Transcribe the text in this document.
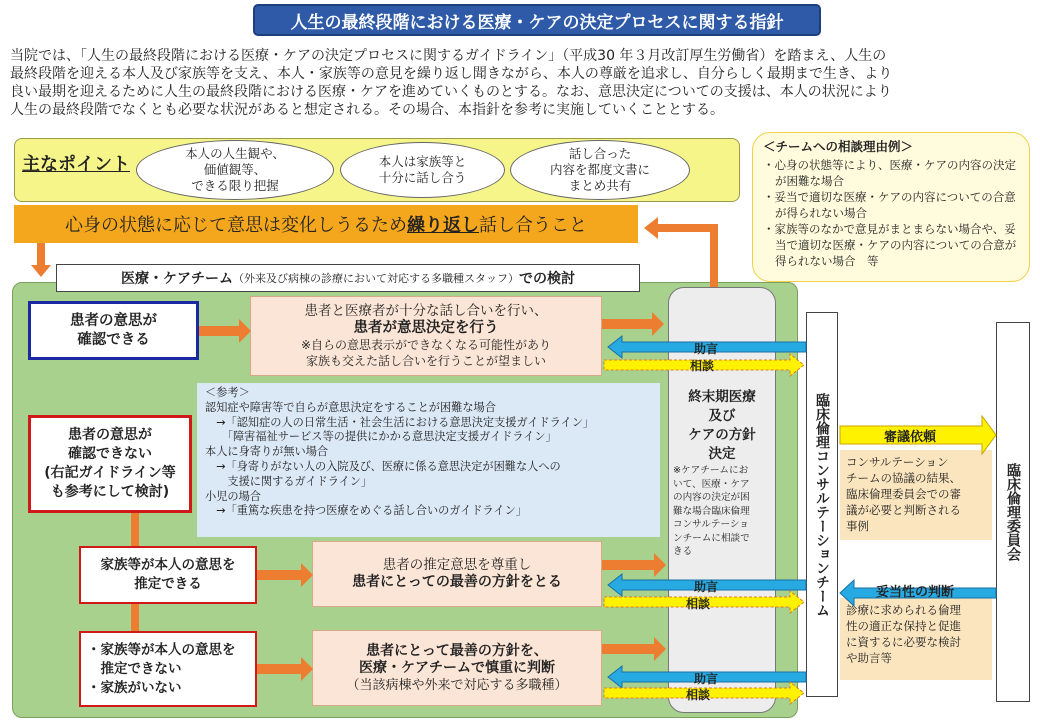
人生の最終段階における医療・ケアの決定プロセスに関する指針
当院では、「人生の最終段階における医療・ケアの決定プロセスに関するガイドライン」（平成30 年３月改訂厚生労働省）を踏まえ、人生の
最終段階を迎える本人及び家族等を支え、本人・家族等の意見を繰り返し聞きながら、本人の尊厳を追求し、自分らしく最期まで生き、より
良い最期を迎えるために人生の最終段階における医療・ケアを進めていくものとする。なお、意思決定についての支援は、本人の状況により
人生の最終段階でなくとも必要な状況があると想定される。その場合、本指針を参考に実施していくこととする。
主なポイント
本人の人生観や、
価値観等、
できる限り把握
本人は家族等と
十分に話し合う
話し合った
内容を都度文書に
まとめ共有
心身の状態に応じて意思は変化しうるため 繰り返し 話し合うこと
＜チームへの相談理由例＞
・心身の状態等により、医療・ケアの内容の決定が困難な場合
・妥当で適切な医療・ケアの内容についての合意が得られない場合
・家族等のなかで意見がまとまらない場合や、妥当で適切な医療・ケアの内容についての合意が得られない場合　等
医療・ケアチーム （外来及び病棟の診療において対応する多職種スタッフ） での検討
患者の意思が
確認できる
患者と医療者が十分な話し合いを行い、
患者が意思決定を行う
※自らの意思表示ができなくなる可能性があり
家族も交えた話し合いを行うことが望ましい
患者の意思が
確認できない
(右記ガイドライン等
も参考にして検討)
＜参考＞
認知症や障害等で自らが意思決定をすることが困難な場合
　→「認知症の人の日常生活・社会生活における意思決定支援ガイドライン」
　　「障害福祉サービス等の提供にかかる意思決定支援ガイドライン」
本人に身寄りが無い場合
　→「身寄りがない人の入院及び、医療に係る意思決定が困難な人への
　　支援に関するガイドライン」
小児の場合
　→「重篤な疾患を持つ医療をめぐる話し合いのガイドライン」
家族等が本人の意思を
推定できる
患者の推定意思を尊重し
患者にとっての最善の方針をとる
・家族等が本人の意思を
　推定できない
・家族がいない
患者にとって最善の方針を、
医療・ケアチームで慎重に判断
（当該病棟や外来で対応する多職種）
終末期医療
及び
ケアの方針
決定
※ケアチームにお
いて、医療・ケア
の内容の決定が困
難な場合臨床倫理
コンサルテーショ
ンチームに相談で
きる	臨床倫理コンサルテーションチーム	臨床倫理委員会
コンサルテーション
チームの協議の結果、
臨床倫理委員会での審
議が必要と判断される
事例
診療に求められる倫理
性の適正な保持と促進
に資するに必要な検討
や助言等
助言
相談
助言
相談
助言
相談
審議依頼
妥当性の判断
